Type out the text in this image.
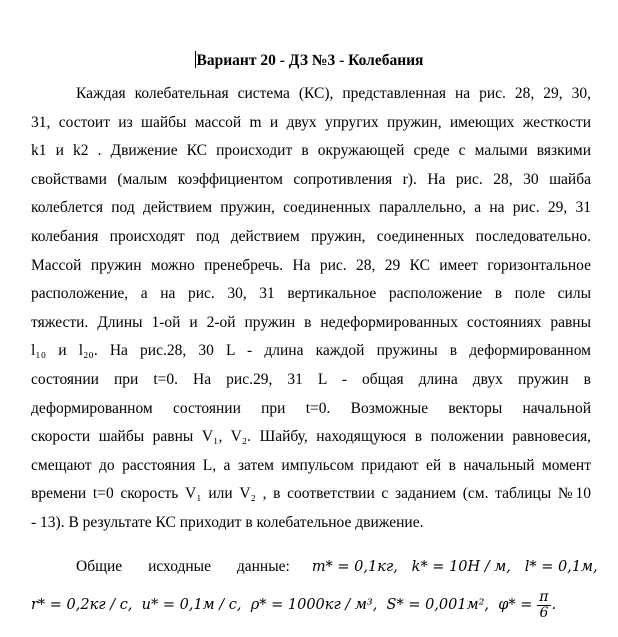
Вариант 20 - ДЗ №3 - Колебания
Каждая колебательная система (КС), представленная на рис. 28, 29, 30,
31, состоит из шайбы массой m и двух упругих пружин, имеющих жесткости
k1 и k2 . Движение КС происходит в окружающей среде с малыми вязкими
свойствами (малым коэффициентом сопротивления r). На рис. 28, 30 шайба
колеблется под действием пружин, соединенных параллельно, а на рис. 29, 31
колебания происходят под действием пружин, соединенных последовательно.
Массой пружин можно пренебречь. На рис. 28, 29 КС имеет горизонтальное
расположение, а на рис. 30, 31 вертикальное расположение в поле силы
тяжести. Длины 1-ой и 2-ой пружин в недеформированных состояниях равны
l₁₀ и l₂₀. На рис.28, 30 L - длина каждой пружины в деформированном
состоянии при t=0. На рис.29, 31 L - общая длина двух пружин в
деформированном состоянии при t=0. Возможные векторы начальной
скорости шайбы равны V₁, V₂. Шайбу, находящуюся в положении равновесия,
смещают до расстояния L, а затем импульсом придают ей в начальный момент
времени t=0 скорость V₁ или V₂ , в соответствии с заданием (см. таблицы №10
- 13). В результате КС приходит в колебательное движение.
Общие исходные данные: m* = 0,1кг,   k* = 10Н / м,   l* = 0,1м,
r* = 0,2кг / с,  u* = 0,1м / с,  ρ* = 1000кг / м³,  S* = 0,001м²,  $\varphi* = \frac{\pi}{6}$ .
